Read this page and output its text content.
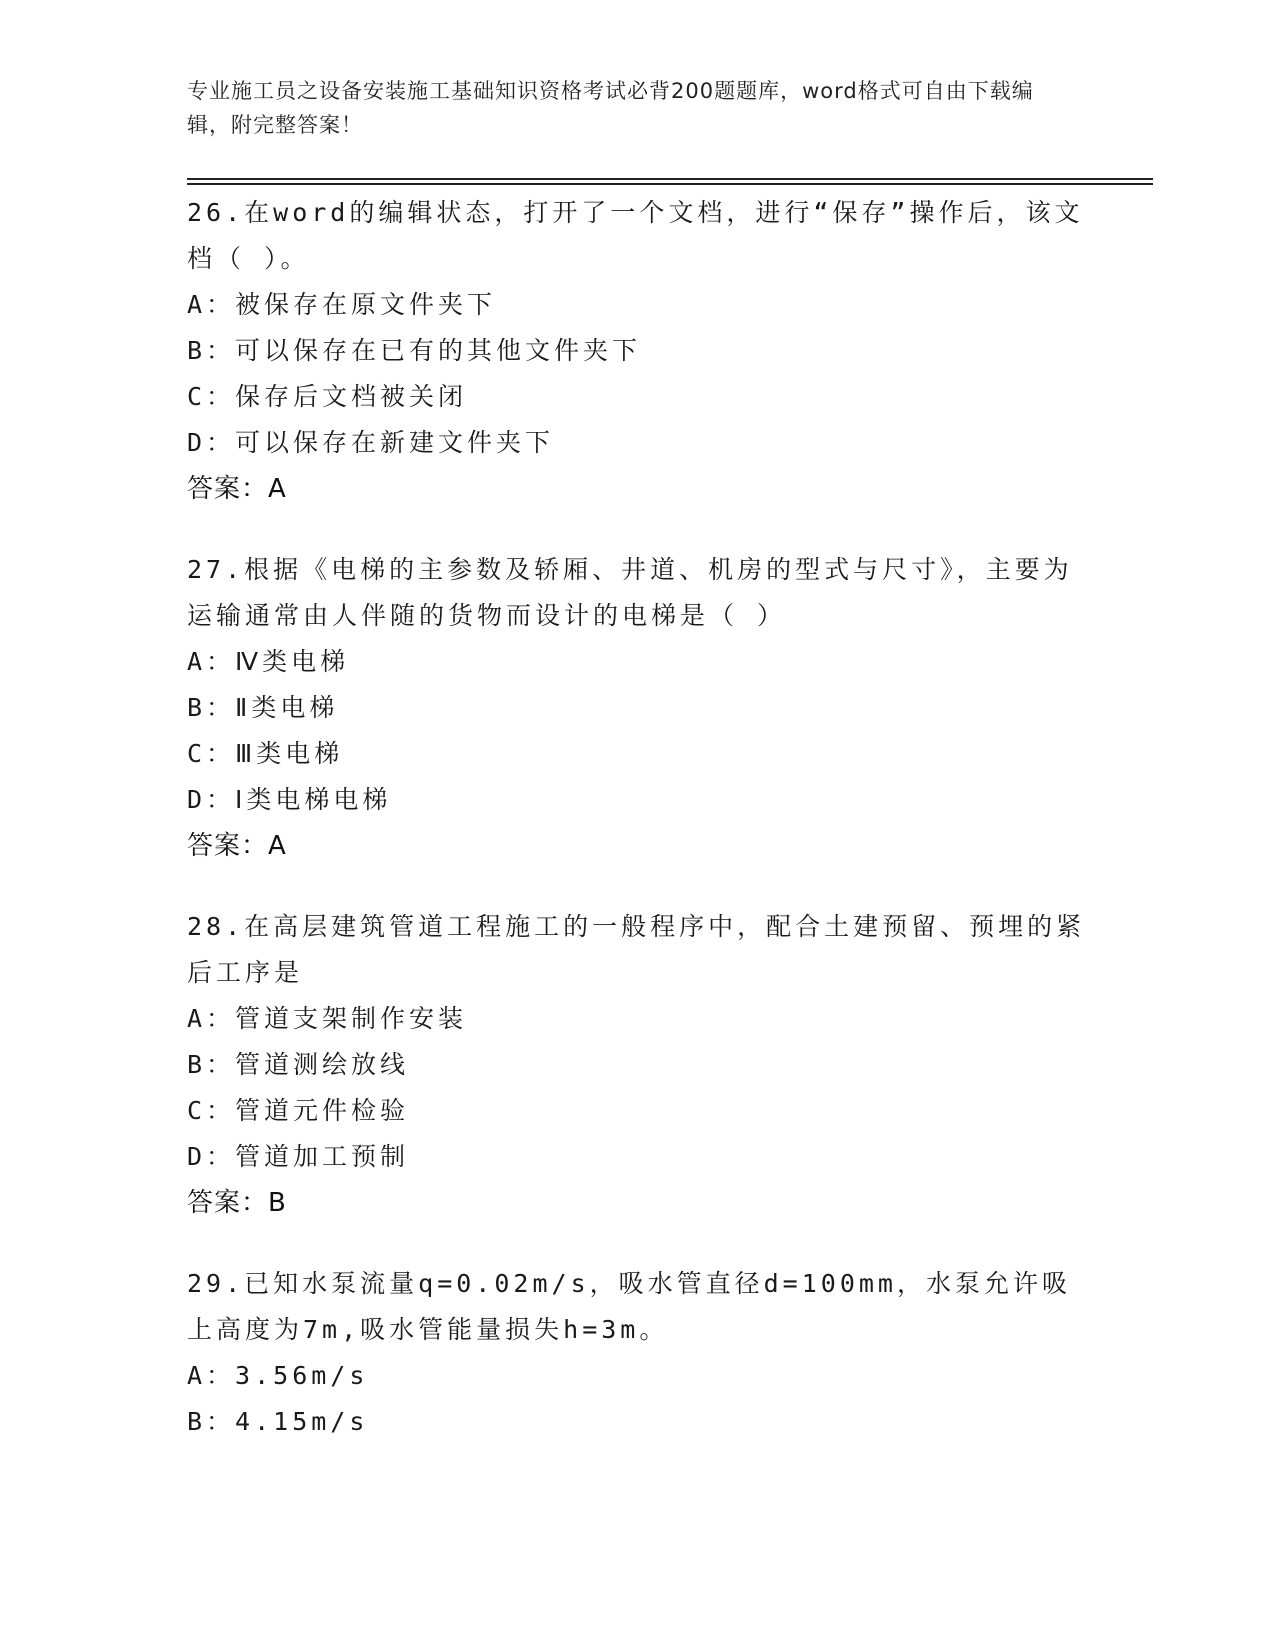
专业施工员之设备安装施工基础知识资格考试必背200题题库，word格式可自由下载编辑，附完整答案！

26.在word的编辑状态，打开了一个文档，进行“保存”操作后，该文档（ ）。

A：被保存在原文件夹下

B：可以保存在已有的其他文件夹下

C：保存后文档被关闭

D：可以保存在新建文件夹下

答案：A

27.根据《电梯的主参数及轿厢、井道、机房的型式与尺寸》，主要为运输通常由人伴随的货物而设计的电梯是（ ）

A：Ⅳ类电梯

B：Ⅱ类电梯

C：Ⅲ类电梯

D：Ⅰ类电梯电梯

答案：A

28.在高层建筑管道工程施工的一般程序中，配合土建预留、预埋的紧后工序是

A：管道支架制作安装

B：管道测绘放线

C：管道元件检验

D：管道加工预制

答案：B

29.已知水泵流量q=0.02m/s，吸水管直径d=100mm，水泵允许吸上高度为7m,吸水管能量损失h=3m。

A：3.56m/s

B：4.15m/s
